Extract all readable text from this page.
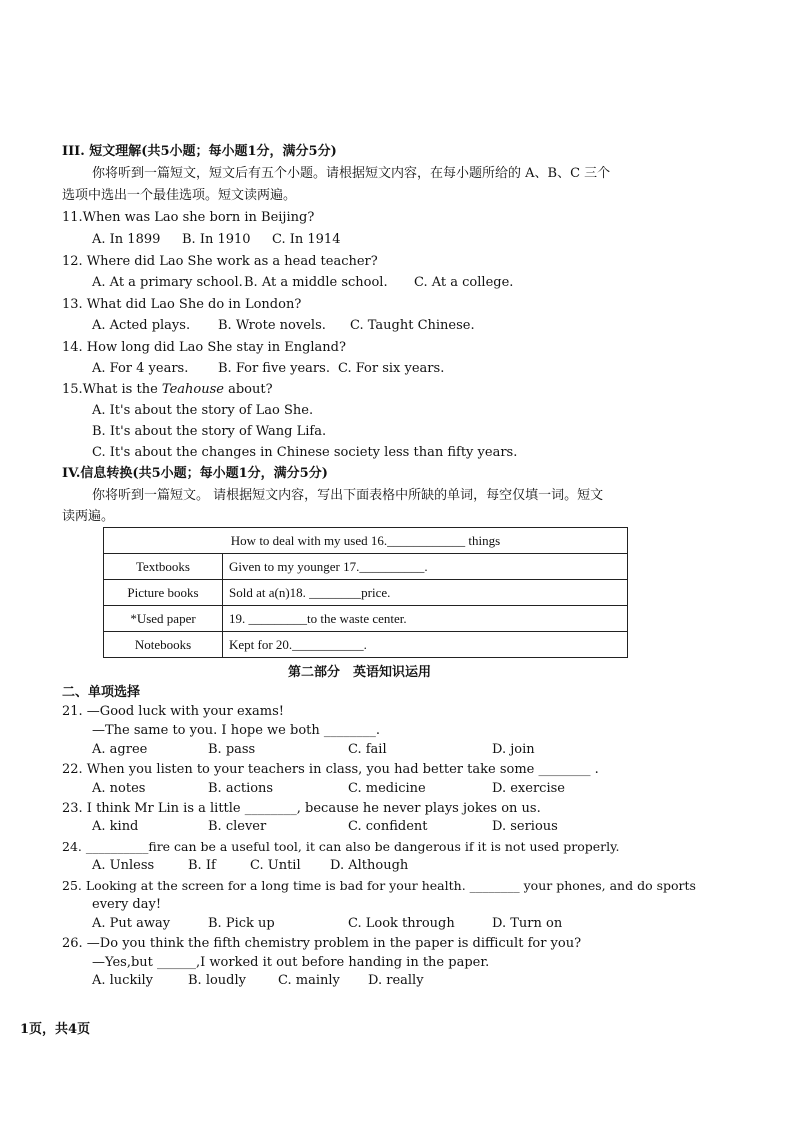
III. 短文理解(共5小题；每小题1分，满分5分)
你将听到一篇短文，短文后有五个小题。请根据短文内容，在每小题所给的 A、B、C 三个
选项中选出一个最佳选项。短文读两遍。
11.When was Lao she born in Beijing?
A. In 1899 B. In 1910 C. In 1914
12. Where did Lao She work as a head teacher?
A. At a primary school. B. At a middle school. C. At a college.
13. What did Lao She do in London?
A. Acted plays. B. Wrote novels. C. Taught Chinese.
14. How long did Lao She stay in England?
A. For 4 years. B. For five years. C. For six years.
15.What is the Teahouse about?
A. It's about the story of Lao She.
B. It's about the story of Wang Lifa.
C. It's about the changes in Chinese society less than fifty years.
IV.信息转换(共5小题；每小题1分，满分5分)
你将听到一篇短文。 请根据短文内容，写出下面表格中所缺的单词，每空仅填一词。短文
读两遍。
How to deal with my used 16.____________ things	
Textbooks	Given to my younger 17.__________.
Picture books	Sold at a(n)18. ________price.
*Used paper	19. _________to the waste center.
Notebooks	Kept for 20.___________.
第二部分　英语知识运用
二、单项选择
21. —Good luck with your exams!
—The same to you. I hope we both ________.
A. agree	B. pass	C. fail	D. join
22. When you listen to your teachers in class, you had better take some ________ .
A. notes	B. actions	C. medicine	D. exercise
23. I think Mr Lin is a little ________, because he never plays jokes on us.
A. kind	B. clever	C. confident	D. serious
24. __________fire can be a useful tool, it can also be dangerous if it is not used properly.
A. Unless	B. If	C. Until D. Although
25. Looking at the screen for a long time is bad for your health. ________ your phones, and do sports
every day!
A. Put away	B. Pick up	C. Look through	D. Turn on
26. —Do you think the fifth chemistry problem in the paper is difficult for you?
—Yes,but ______,I worked it out before handing in the paper.
A. luckily	B. loudly C. mainly D. really
1页，共4页
